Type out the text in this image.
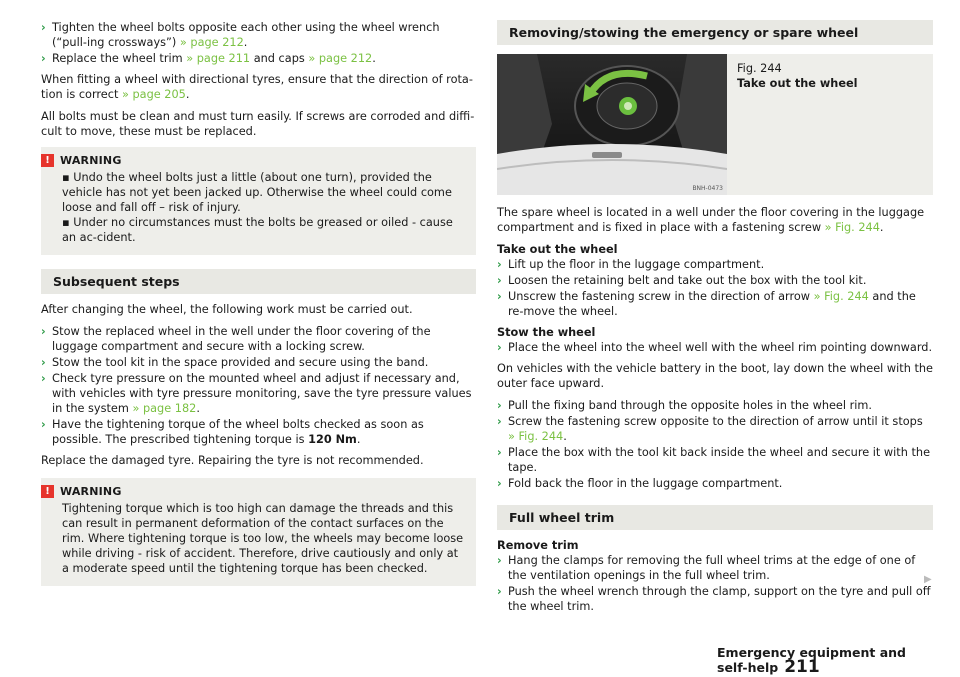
› Tighten the wheel bolts opposite each other using the wheel wrench (“pull-ing crossways”) » page 212.
› Replace the wheel trim » page 211 and caps » page 212.

When fitting a wheel with directional tyres, ensure that the direction of rota-tion is correct » page 205.

All bolts must be clean and must turn easily. If screws are corroded and diffi-cult to move, these must be replaced.

! WARNING

▪ Undo the wheel bolts just a little (about one turn), provided the vehicle has not yet been jacked up. Otherwise the wheel could come loose and fall off – risk of injury.

▪ Under no circumstances must the bolts be greased or oiled - cause an ac-cident.

Subsequent steps

After changing the wheel, the following work must be carried out.

› Stow the replaced wheel in the well under the floor covering of the luggage compartment and secure with a locking screw.
› Stow the tool kit in the space provided and secure using the band.
› Check tyre pressure on the mounted wheel and adjust if necessary and, with vehicles with tyre pressure monitoring, save the tyre pressure values in the system » page 182.
› Have the tightening torque of the wheel bolts checked as soon as possible. The prescribed tightening torque is 120 Nm.

Replace the damaged tyre. Repairing the tyre is not recommended.

! WARNING

Tightening torque which is too high can damage the threads and this can result in permanent deformation of the contact surfaces on the rim. Where tightening torque is too low, the wheels may become loose while driving - risk of accident. Therefore, drive cautiously and only at a moderate speed until the tightening torque has been checked.

Removing/stowing the emergency or spare wheel
BNH-0473
Fig. 244
Take out the wheel

The spare wheel is located in a well under the floor covering in the luggage compartment and is fixed in place with a fastening screw » Fig. 244.

Take out the wheel
› Lift up the floor in the luggage compartment.
› Loosen the retaining belt and take out the box with the tool kit.
› Unscrew the fastening screw in the direction of arrow » Fig. 244 and the re-move the wheel.
Stow the wheel
› Place the wheel into the wheel well with the wheel rim pointing downward.

On vehicles with the vehicle battery in the boot, lay down the wheel with the outer face upward.

› Pull the fixing band through the opposite holes in the wheel rim.
› Screw the fastening screw opposite to the direction of arrow until it stops » Fig. 244.
› Place the box with the tool kit back inside the wheel and secure it with the tape.
› Fold back the floor in the luggage compartment.
Full wheel trim
Remove trim
› Hang the clamps for removing the full wheel trims at the edge of one of the ventilation openings in the full wheel trim.
› Push the wheel wrench through the clamp, support on the tyre and pull off the wheel trim.
▶
Emergency equipment and self-help 211
